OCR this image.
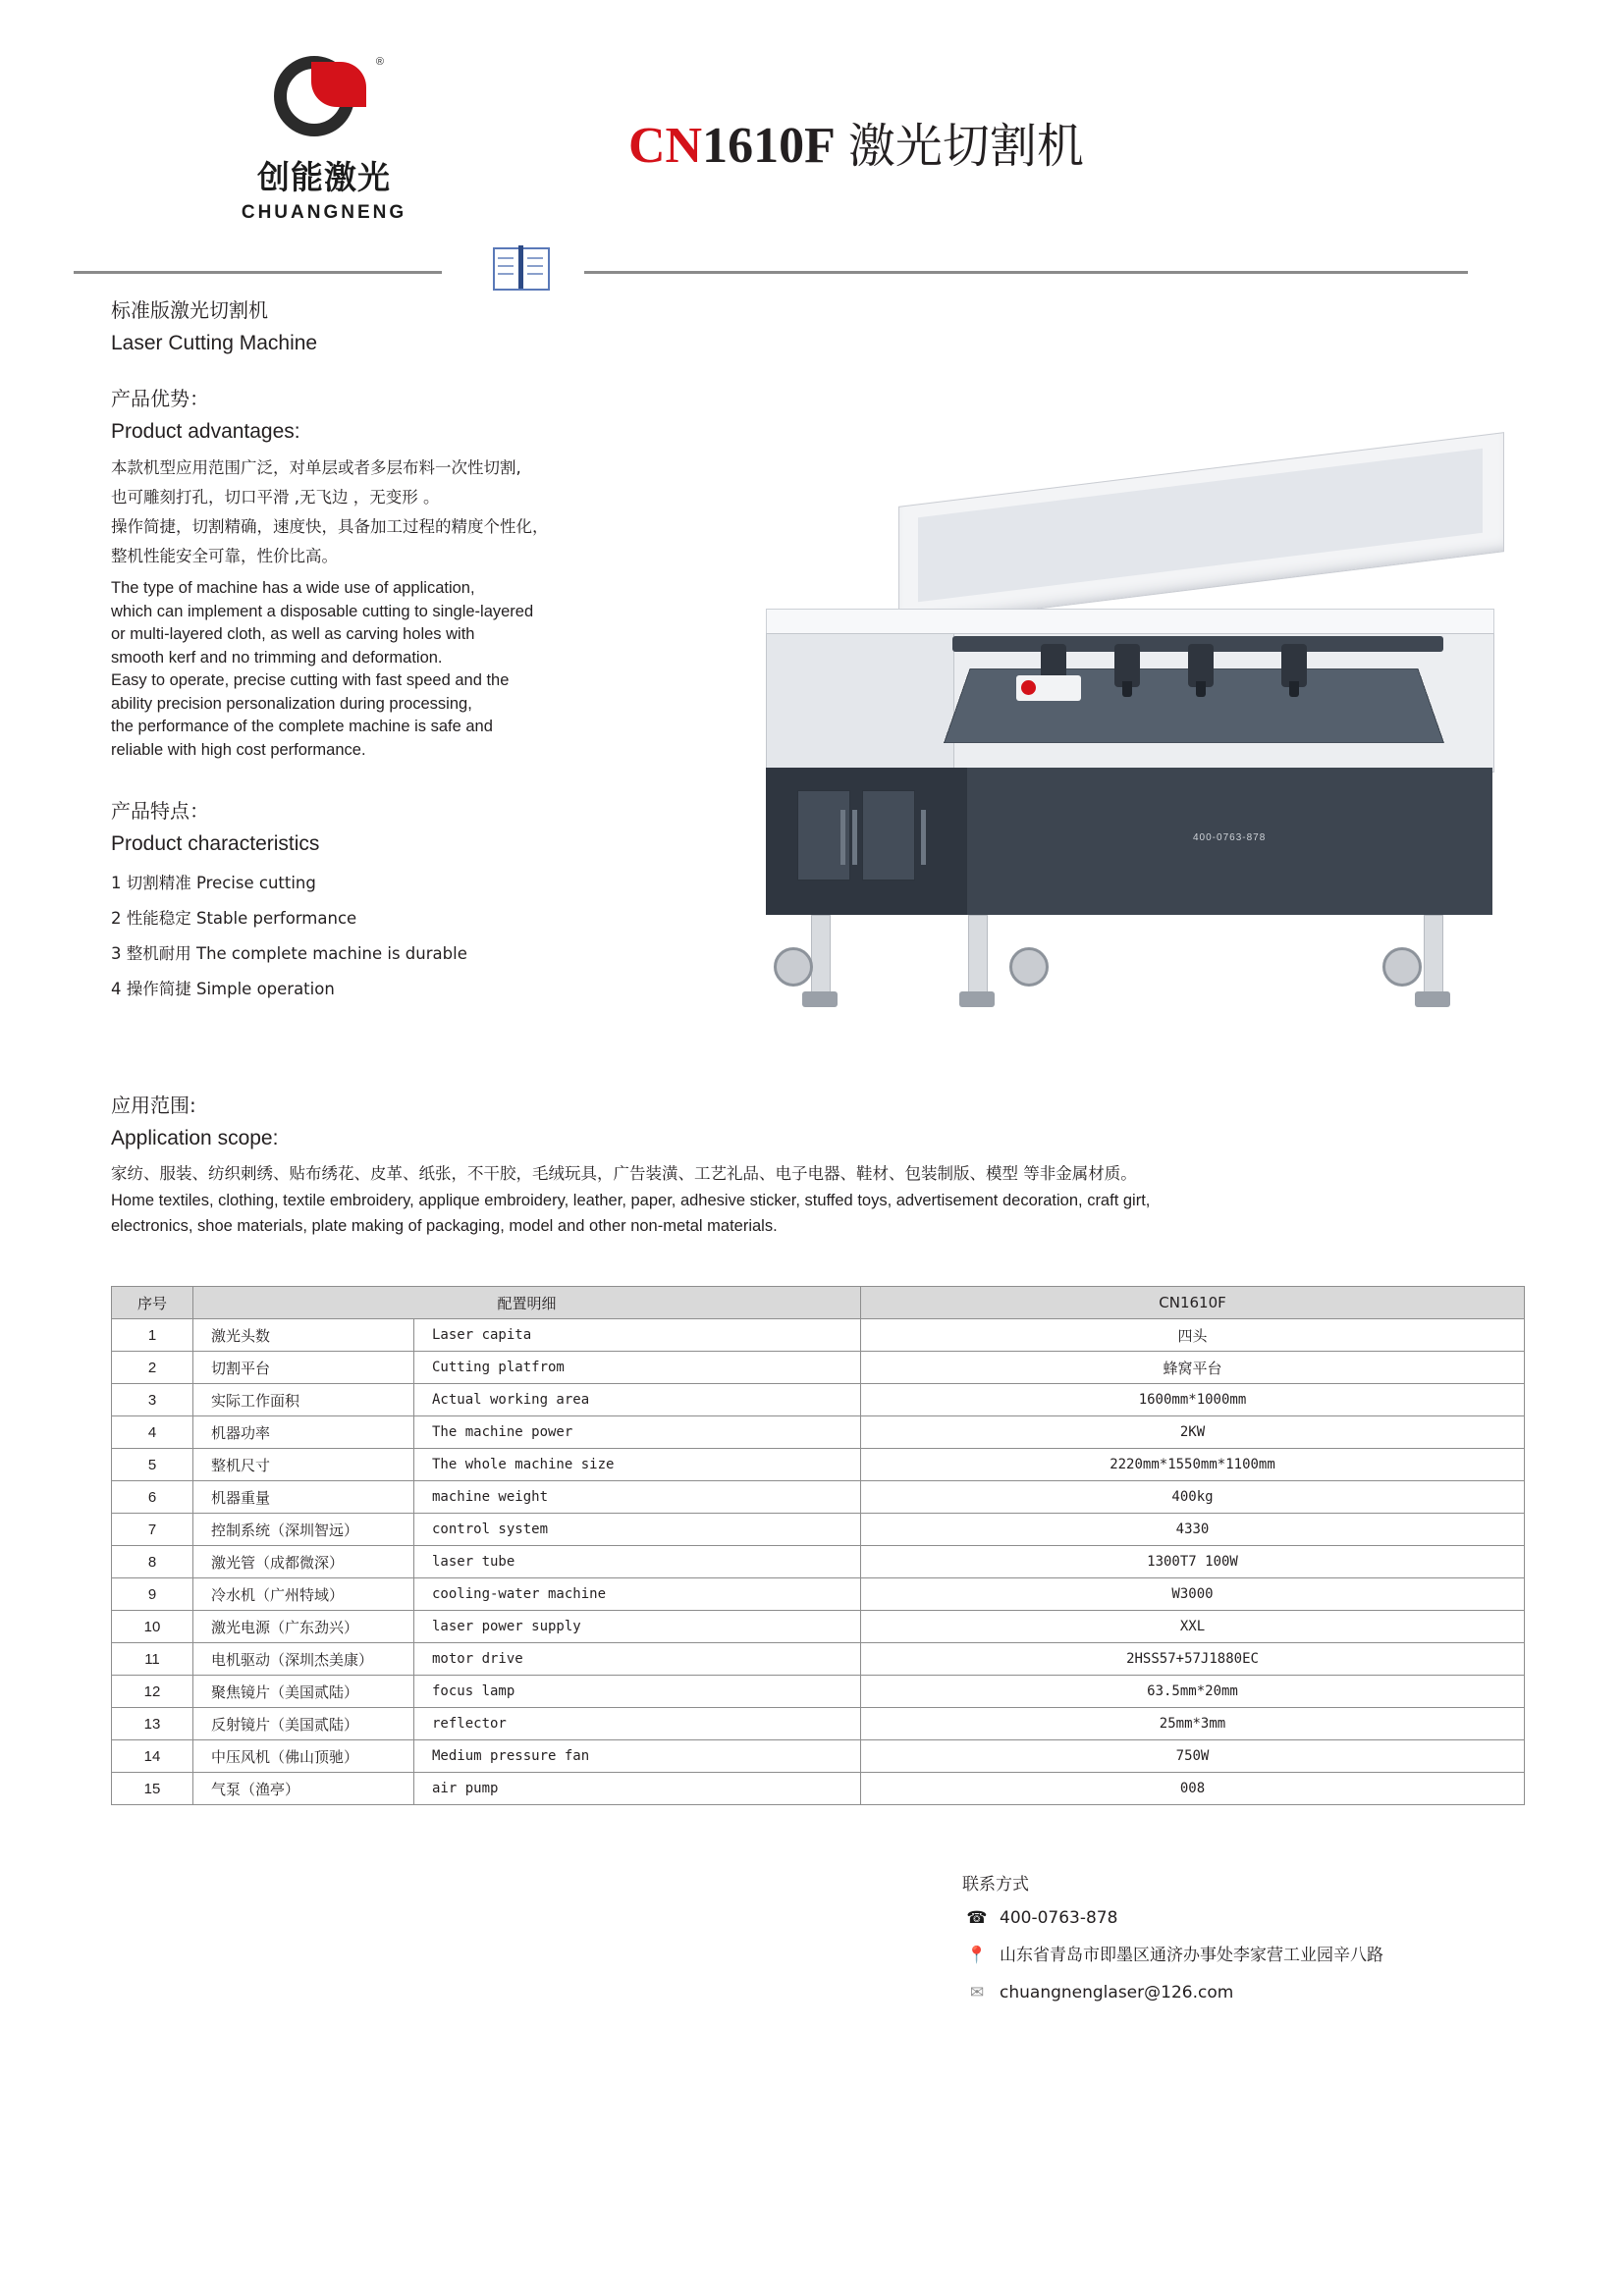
®
创能激光
CHUANGNENG
CN1610F 激光切割机
标准版激光切割机
Laser Cutting Machine
产品优势：
Product advantages:
本款机型应用范围广泛，对单层或者多层布料一次性切割,
也可雕刻打孔，切口平滑 ,无飞边 ，无变形 。
操作简捷，切割精确，速度快，具备加工过程的精度个性化，
整机性能安全可靠，性价比高。
The type of machine has a wide use of application,
which can implement a disposable cutting to single-layered
or multi-layered cloth, as well as carving holes with
smooth kerf and no trimming and deformation.
Easy to operate, precise cutting with fast speed and the
ability precision personalization during processing,
the performance of the complete machine is safe and
reliable with high cost performance.
产品特点：
Product characteristics
1 切割精准 Precise cutting
2 性能稳定 Stable performance
3 整机耐用 The complete machine is durable
4 操作简捷 Simple operation
400-0763-878
应用范围:
Application scope:
家纺、服装、纺织刺绣、贴布绣花、皮革、纸张，不干胶，毛绒玩具，广告装潢、工艺礼品、电子电器、鞋材、包装制版、模型 等非金属材质。
Home textiles, clothing, textile embroidery, applique embroidery, leather, paper, adhesive sticker, stuffed toys, advertisement decoration, craft girt,
electronics, shoe materials, plate making of packaging, model and other non-metal materials.
序号	配置明细		CN1610F
1	激光头数	Laser capita	四头
2	切割平台	Cutting platfrom	蜂窝平台
3	实际工作面积	Actual working area	1600mm*1000mm
4	机器功率	The machine power	2KW
5	整机尺寸	The whole machine size	2220mm*1550mm*1100mm
6	机器重量	machine weight	400kg
7	控制系统（深圳智远）	control system	4330
8	激光管（成都微深）	laser tube	1300T7 100W
9	冷水机（广州特域）	cooling-water machine	W3000
10	激光电源（广东劲兴）	laser power supply	XXL
11	电机驱动（深圳杰美康）	motor drive	2HSS57+57J1880EC
12	聚焦镜片（美国贰陆）	focus lamp	63.5mm*20mm
13	反射镜片（美国贰陆）	reflector	25mm*3mm
14	中压风机（佛山顶驰）	Medium pressure fan	750W
15	气泵（渔亭）	air pump	008
联系方式
☎ 400-0763-878
📍 山东省青岛市即墨区通济办事处李家营工业园辛八路
✉ chuangnenglaser@126.com
